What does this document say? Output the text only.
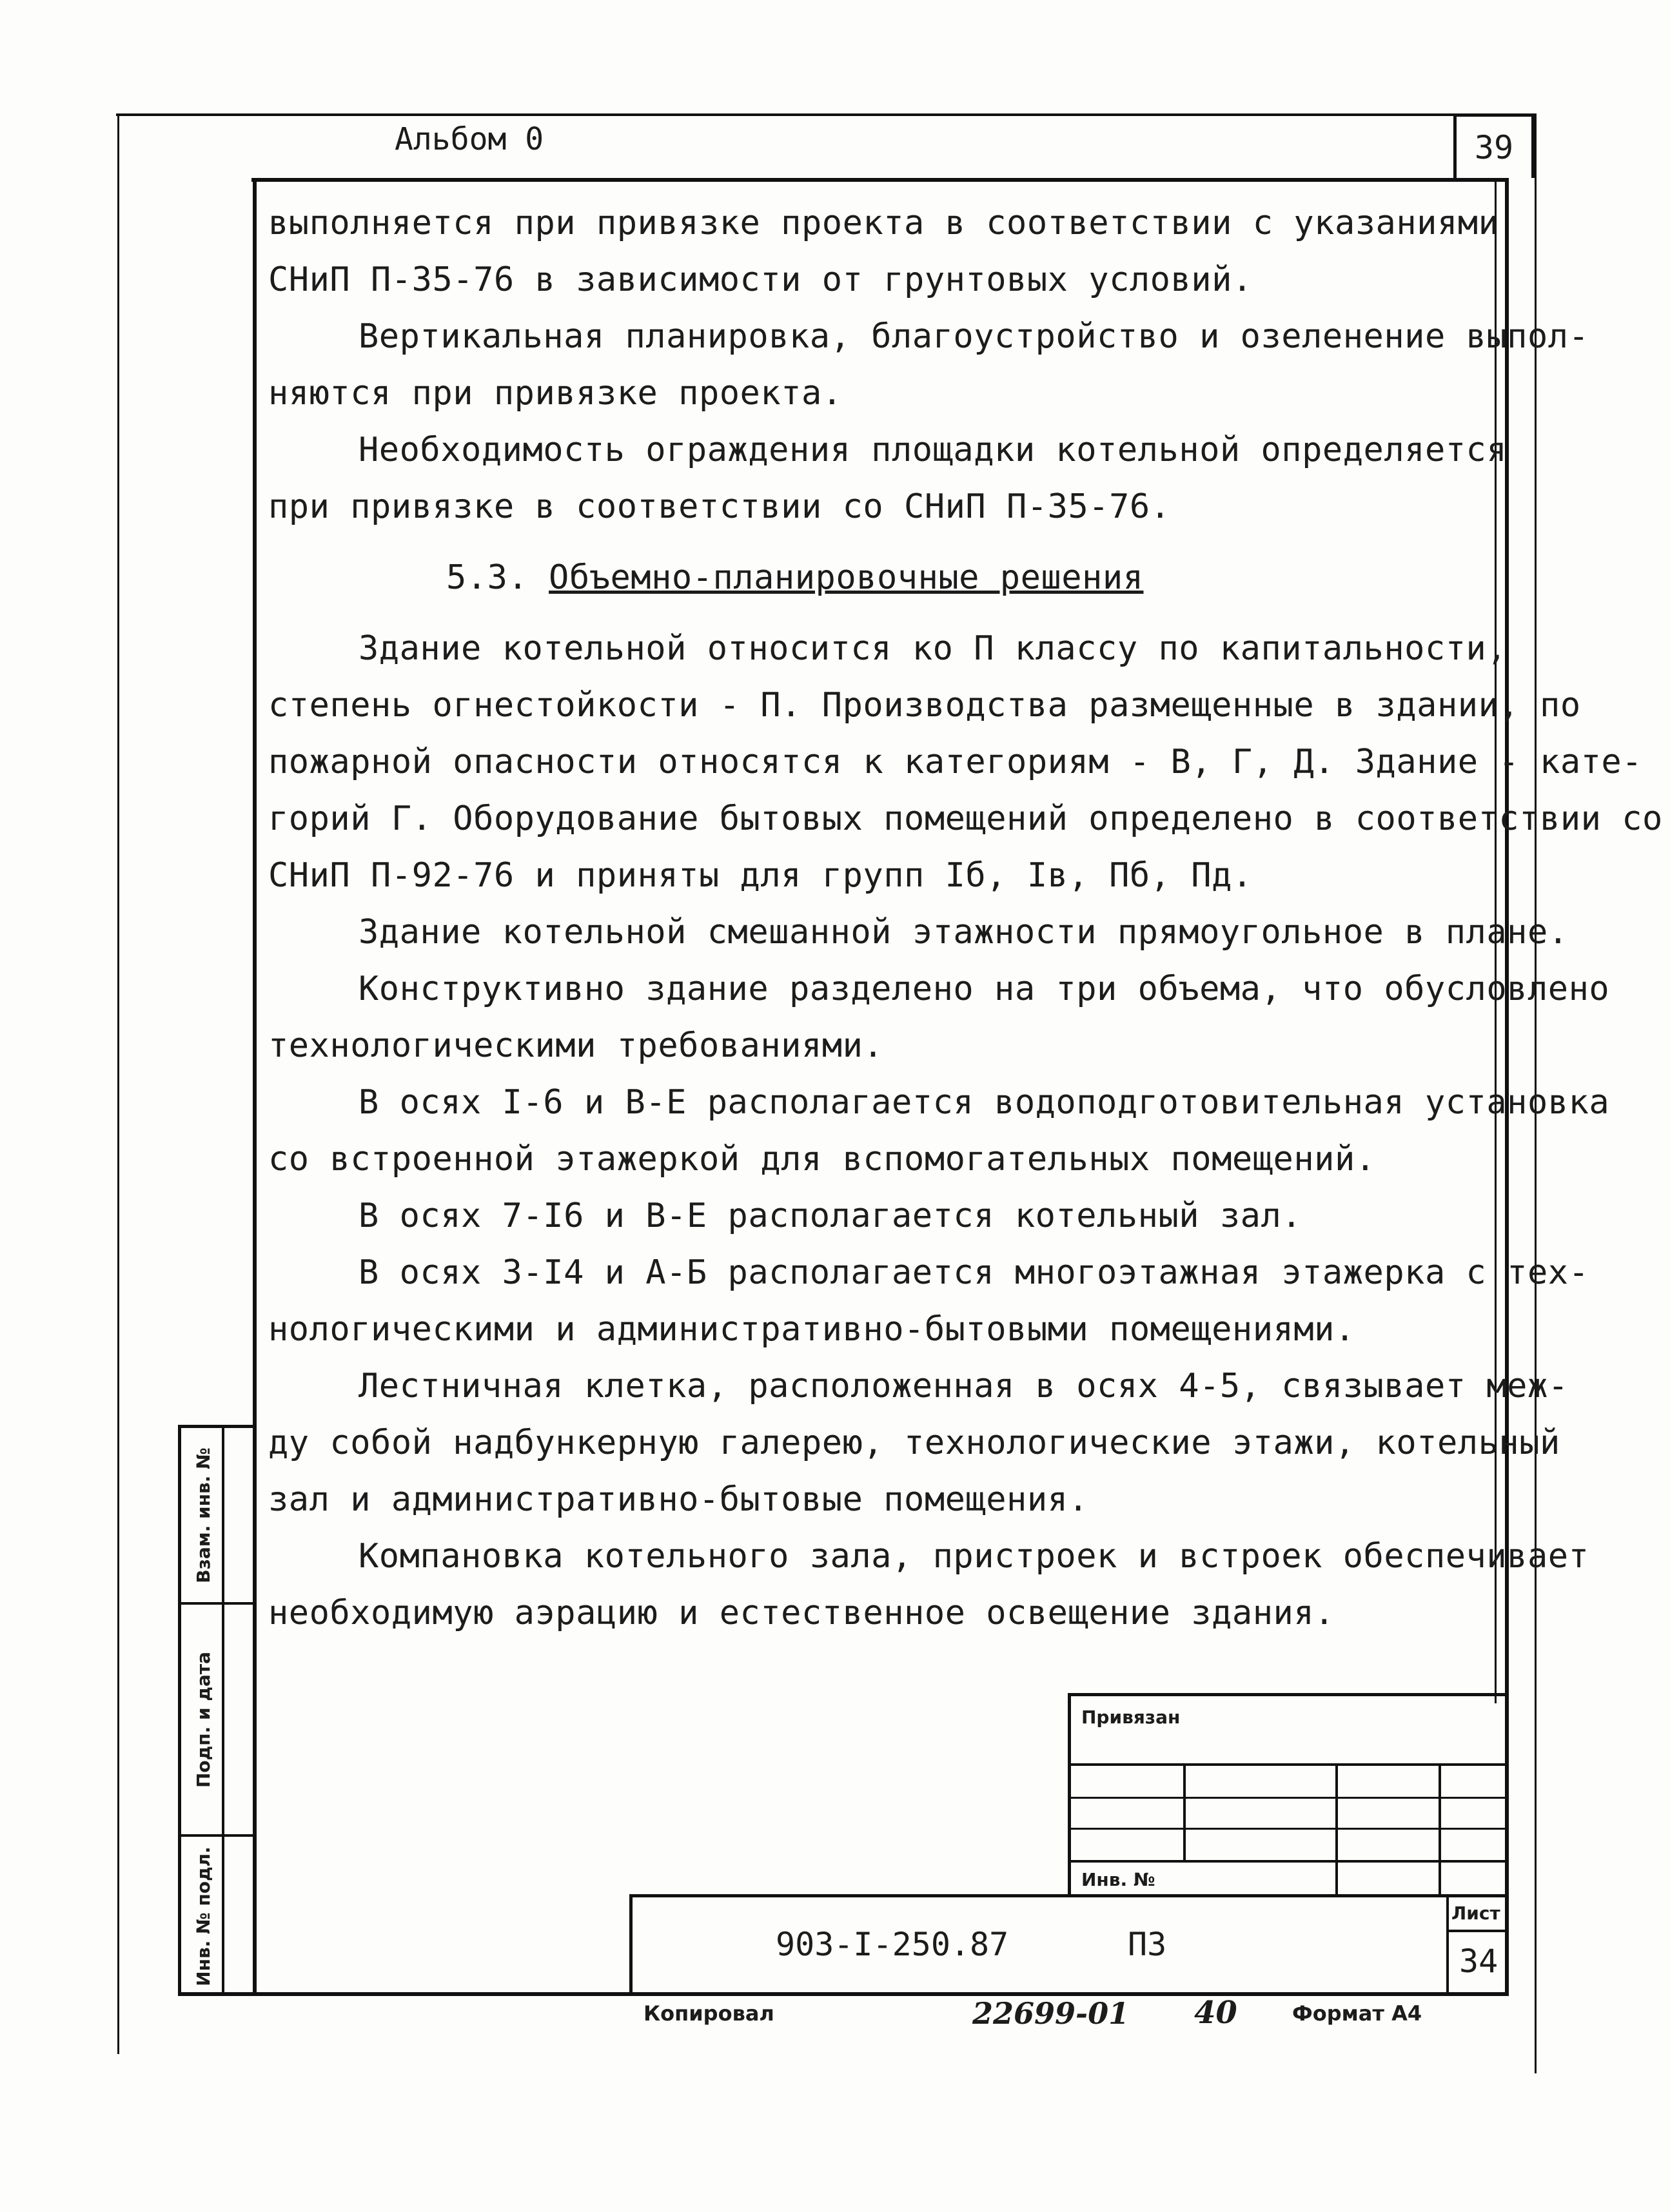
Альбом 0	39
выполняется при привязке проекта в соответствии с указаниями
СНиП П-35-76 в зависимости от грунтовых условий.
Вертикальная планировка, благоустройство и озеленение выпол-
няются при привязке проекта.
Необходимость ограждения площадки котельной определяется
при привязке в соответствии со СНиП П-35-76.
5.3. Объемно-планировочные решения
Здание котельной относится ко П классу по капитальности,
степень огнестойкости - П. Производства размещенные в здании, по
пожарной опасности относятся к категориям - В, Г, Д. Здание - кате-
горий Г. Оборудование бытовых помещений определено в соответствии со
СНиП П-92-76 и приняты для групп Iб, Iв, Пб, Пд.
Здание котельной смешанной этажности прямоугольное в плане.
Конструктивно здание разделено на три объема, что обусловлено
технологическими требованиями.
В осях I-6 и В-Е располагается водоподготовительная установка
со встроенной этажеркой для вспомогательных помещений.
В осях 7-I6 и В-Е располагается котельный зал.
В осях 3-I4 и А-Б располагается многоэтажная этажерка с тех-
нологическими и административно-бытовыми помещениями.
Лестничная клетка, расположенная в осях 4-5, связывает меж-
ду собой надбункерную галерею, технологические этажи, котельный
зал и административно-бытовые помещения.
Компановка котельного зала, пристроек и встроек обеспечивает
необходимую аэрацию и естественное освещение здания.
Взам. инв. №
Подп. и дата
Инв. № подл.
Привязан
Инв. №
903-I-250.87	ПЗ
Лист
34
Копировал	22699-01 40	Формат А4
